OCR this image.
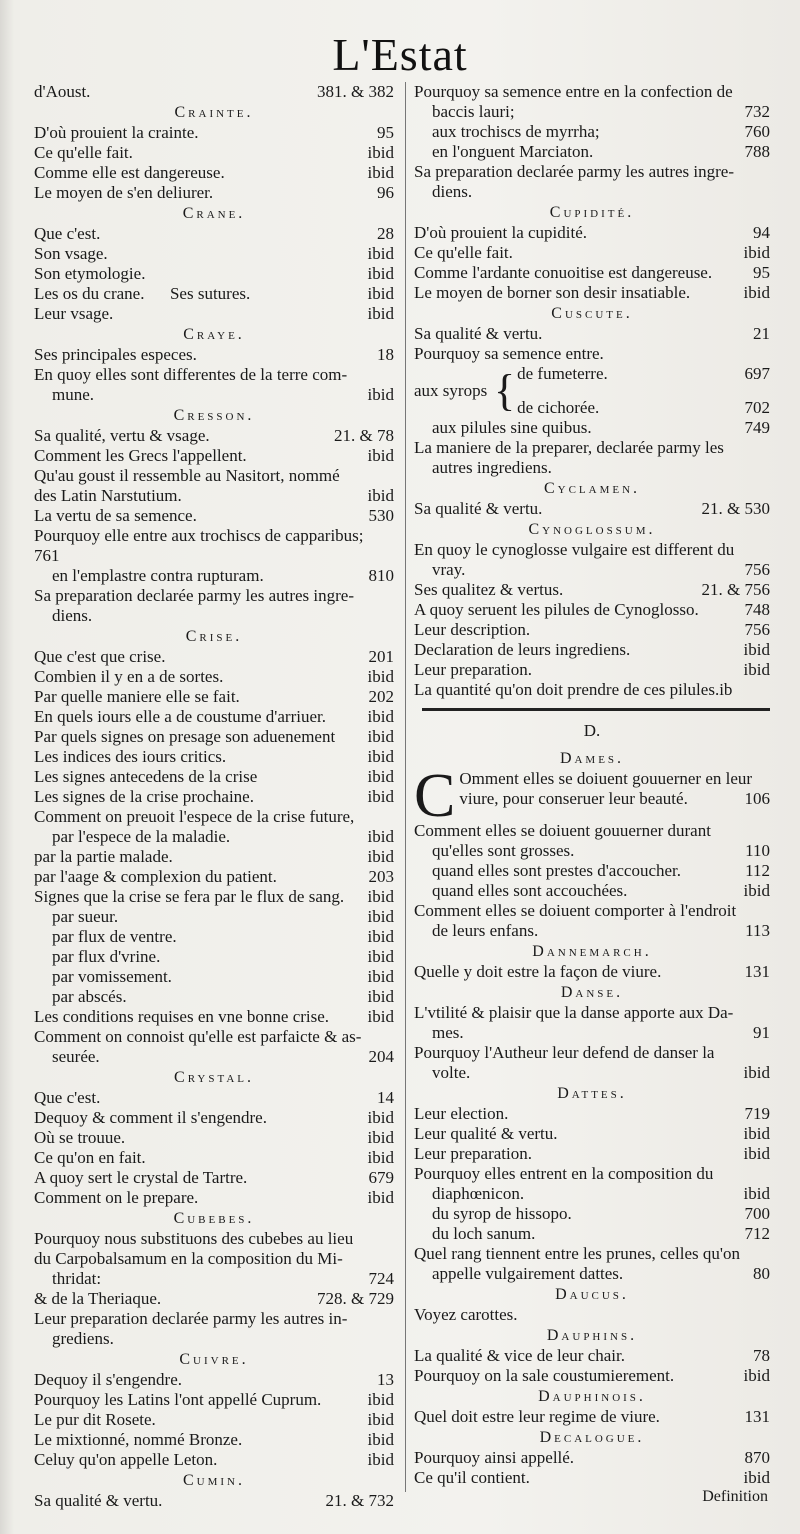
L'Estat
d'Aoust.	381. & 382
Crainte.
D'où prouient la crainte.	95
Ce qu'elle fait.	ibid
Comme elle est dangereuse.	ibid
Le moyen de s'en deliurer.	96
Crane.
Que c'est.	28
Son vsage.	ibid
Son etymologie.	ibid
Les os du crane.      Ses sutures.	ibid
Leur vsage.	ibid
Craye.
Ses principales especes.	18
En quoy elles sont differentes de la terre com-
mune.	ibid
Cresson.
Sa qualité, vertu & vsage.	21. & 78
Comment les Grecs l'appellent.	ibid
Qu'au goust il ressemble au Nasitort, nommé
des Latin Narstutium.	ibid
La vertu de sa semence.	530
Pourquoy elle entre aux trochiscs de capparibus;
761
en l'emplastre contra rupturam.	810
Sa preparation declarée parmy les autres ingre-
diens.
Crise.
Que c'est que crise.	201
Combien il y en a de sortes.	ibid
Par quelle maniere elle se fait.	202
En quels iours elle a de coustume d'arriuer.	ibid
Par quels signes on presage son aduenement	ibid
Les indices des iours critics.	ibid
Les signes antecedens de la crise	ibid
Les signes de la crise prochaine.	ibid
Comment on preuoit l'espece de la crise future,
par l'espece de la maladie.	ibid
par la partie malade.	ibid
par l'aage & complexion du patient.	203
Signes que la crise se fera par le flux de sang.	ibid
par sueur.	ibid
par flux de ventre.	ibid
par flux d'vrine.	ibid
par vomissement.	ibid
par abscés.	ibid
Les conditions requises en vne bonne crise.	ibid
Comment on connoist qu'elle est parfaicte & as-
seurée.	204
Crystal.
Que c'est.	14
Dequoy & comment il s'engendre.	ibid
Où se trouue.	ibid
Ce qu'on en fait.	ibid
A quoy sert le crystal de Tartre.	679
Comment on le prepare.	ibid
Cubebes.
Pourquoy nous substituons des cubebes au lieu
du Carpobalsamum en la composition du Mi-
thridat:	724
& de la Theriaque.	728. & 729
Leur preparation declarée parmy les autres in-
grediens.
Cuivre.
Dequoy il s'engendre.	13
Pourquoy les Latins l'ont appellé Cuprum.	ibid
Le pur dit Rosete.	ibid
Le mixtionné, nommé Bronze.	ibid
Celuy qu'on appelle Leton.	ibid
Cumin.
Sa qualité & vertu.	21. & 732
Pourquoy sa semence entre en la confection de
baccis lauri;	732
aux trochiscs de myrrha;	760
en l'onguent Marciaton.	788
Sa preparation declarée parmy les autres ingre-
diens.
Cupidité.
D'où prouient la cupidité.	94
Ce qu'elle fait.	ibid
Comme l'ardante conuoitise est dangereuse.	95
Le moyen de borner son desir insatiable.	ibid
Cuscute.
Sa qualité & vertu.	21
Pourquoy sa semence entre.
aux syrops { de fumeterre.	697
de cichorée.	702
aux pilules sine quibus.	749
La maniere de la preparer, declarée parmy les
autres ingrediens.
Cyclamen.
Sa qualité & vertu.	21. & 530
Cynoglossum.
En quoy le cynoglosse vulgaire est different du
vray.	756
Ses qualitez & vertus.	21. & 756
A quoy seruent les pilules de Cynoglosso.	748
Leur description.	756
Declaration de leurs ingrediens.	ibid
Leur preparation.	ibid
La quantité qu'on doit prendre de ces pilules.ib
D.
Dames.
C Omment elles se doiuent gouuerner en leur
viure, pour conseruer leur beauté.	106
Comment elles se doiuent gouuerner durant
qu'elles sont grosses.	110
quand elles sont prestes d'accoucher.	112
quand elles sont accouchées.	ibid
Comment elles se doiuent comporter à l'endroit
de leurs enfans.	113
Dannemarch.
Quelle y doit estre la façon de viure.	131
Danse.
L'vtilité & plaisir que la danse apporte aux Da-
mes.	91
Pourquoy l'Autheur leur defend de danser la
volte.	ibid
Dattes.
Leur election.	719
Leur qualité & vertu.	ibid
Leur preparation.	ibid
Pourquoy elles entrent en la composition du
diaphœnicon.	ibid
du syrop de hissopo.	700
du loch sanum.	712
Quel rang tiennent entre les prunes, celles qu'on
appelle vulgairement dattes.	80
Daucus.
Voyez carottes.
Dauphins.
La qualité & vice de leur chair.	78
Pourquoy on la sale coustumierement.	ibid
Dauphinois.
Quel doit estre leur regime de viure.	131
Decalogue.
Pourquoy ainsi appellé.	870
Ce qu'il contient.	ibid
Definition
